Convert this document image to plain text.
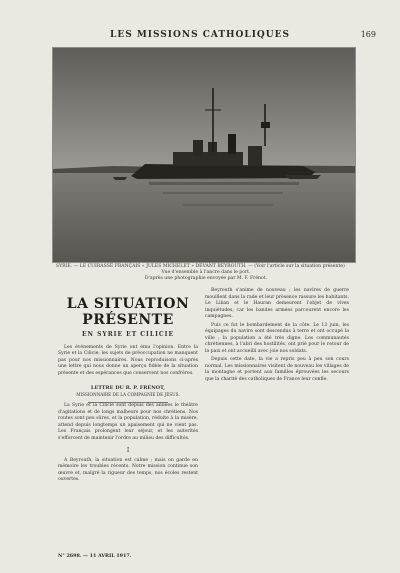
LES MISSIONS CATHOLIQUES	169
SYRIE. — LE CUIRASSÉ FRANÇAIS « JULES MICHELET » DEVANT BEYROUTH. — (Voir l'article sur la situation présente)
Vue d'ensemble à l'ancre dans le port.
D'après une photographie envoyée par M. F. Frénot.
LA SITUATION PRÉSENTE
EN SYRIE ET CILICIE

Les événements de Syrie ont ému l'opinion. Entre la Syrie et la Cilicie, les sujets de préoccupation ne manquent pas pour nos missionnaires. Nous reproduisons ci-après une lettre qui nous donne un aperçu fidèle de la situation présente et des espérances que conservent nos confrères.

LETTRE DU R. P. FRÉNOT,
MISSIONNAIRE DE LA COMPAGNIE DE JÉSUS.

La Syrie et la Cilicie sont depuis des années le théâtre d'agitations et de longs malheurs pour nos chrétiens. Nos routes sont peu sûres, et la population, réduite à la misère, attend depuis longtemps un apaisement qui ne vient pas. Les Français prolongent leur séjour, et les autorités s'efforcent de maintenir l'ordre au milieu des difficultés.

I

A Beyrouth, la situation est calme ; mais on garde en mémoire les troubles récents. Notre mission continue son œuvre et, malgré la rigueur des temps, nos écoles restent ouvertes.

Beyrouth s'anime de nouveau ; les navires de guerre mouillent dans la rade et leur présence rassure les habitants. Le Liban et le Hauran demeurent l'objet de vives inquiétudes, car les bandes armées parcourent encore les campagnes.

Puis ce fut le bombardement de la côte. Le 13 juin, les équipages du navire sont descendus à terre et ont occupé la ville ; la population a été très digne. Les communautés chrétiennes, à l'abri des hostilités, ont prié pour le retour de la paix et ont accueilli avec joie nos soldats.

Depuis cette date, la vie a repris peu à peu son cours normal. Les missionnaires visitent de nouveau les villages de la montagne et portent aux familles éprouvées les secours que la charité des catholiques de France leur confie.

N° 2698. — 11 AVRIL 1917.
